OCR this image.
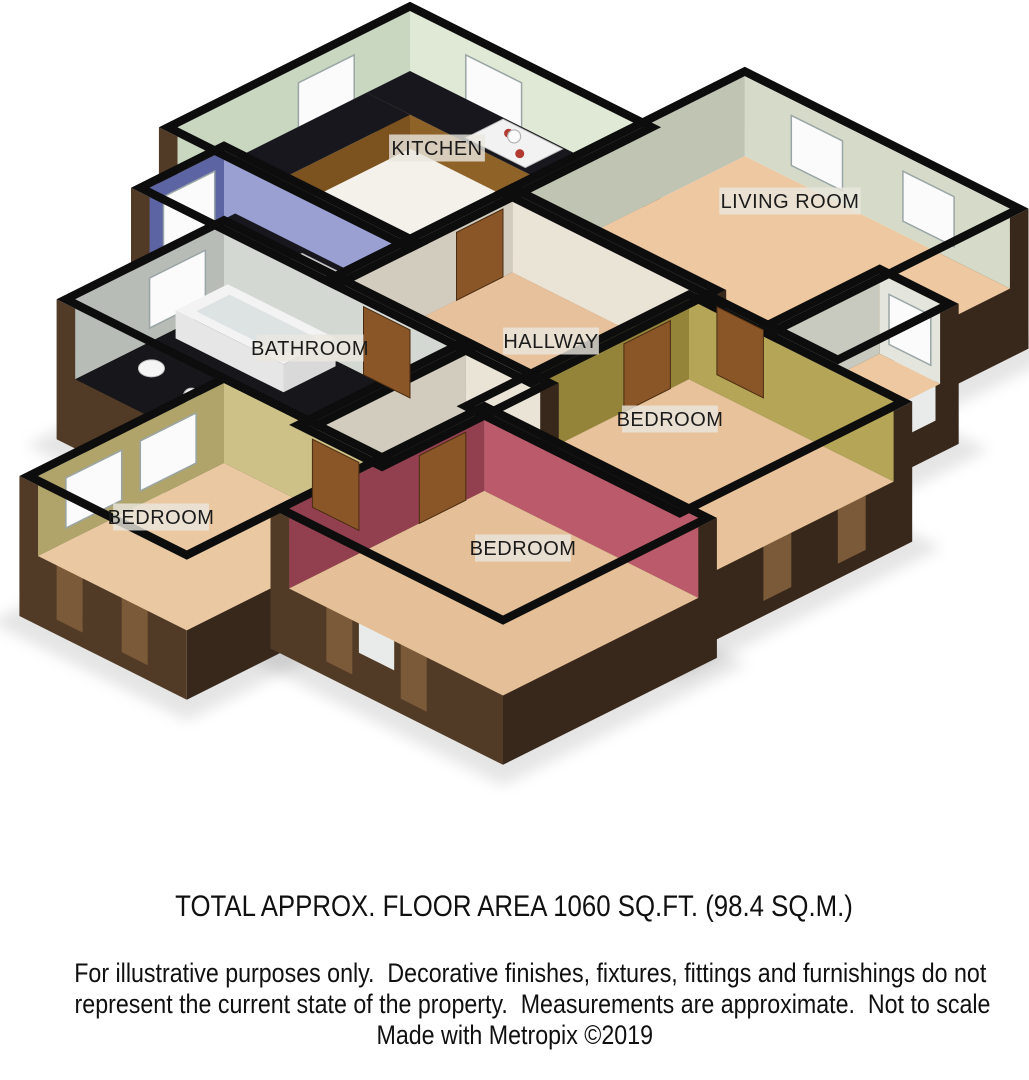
KITCHEN
LIVING ROOM
BATHROOM	HALLWAY
BEDROOM
BEDROOM
BEDROOM
TOTAL APPROX. FLOOR AREA 1060 SQ.FT. (98.4 SQ.M.)
For illustrative purposes only.  Decorative finishes, fixtures, fittings and furnishings do not
represent the current state of the property.  Measurements are approximate.  Not to scale
Made with Metropix ©2019
